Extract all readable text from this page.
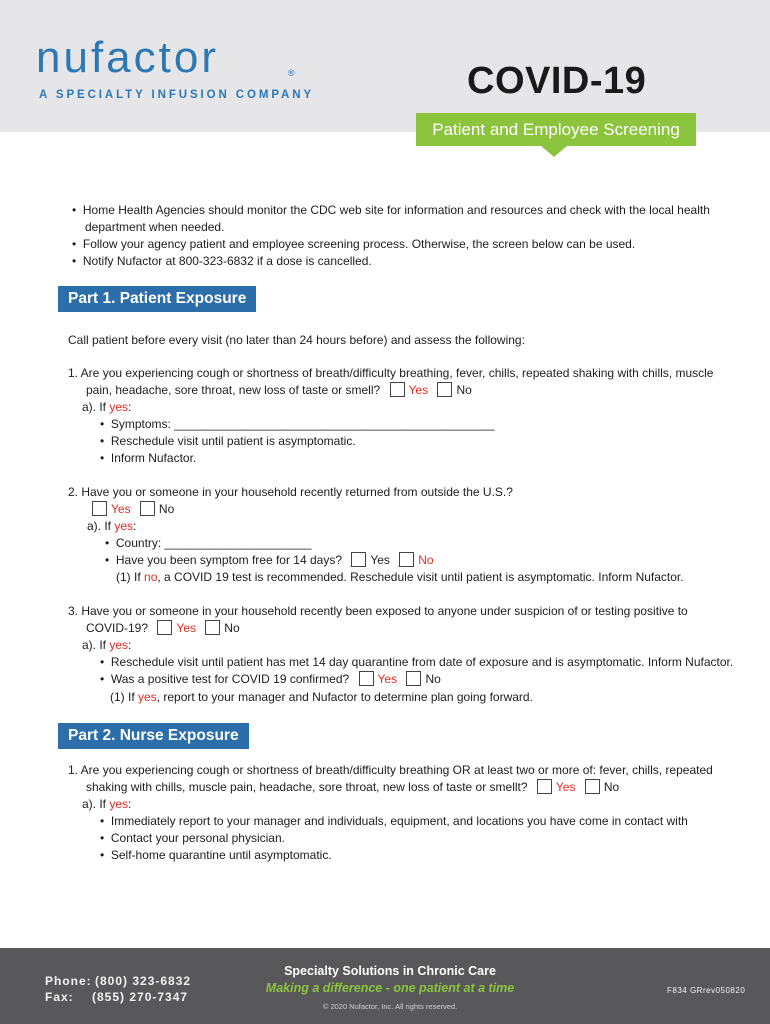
nufactor	®
A SPECIALTY INFUSION COMPANY	COVID-19
Patient and Employee Screening
•  Home Health Agencies should monitor the CDC web site for information and resources and check with the local health
department when needed.
•  Follow your agency patient and employee screening process. Otherwise, the screen below can be used.
•  Notify Nufactor at 800-323-6832 if a dose is cancelled.
Part 1. Patient Exposure
Call patient before every visit (no later than 24 hours before) and assess the following:
1. Are you experiencing cough or shortness of breath/difficulty breathing, fever, chills, repeated shaking with chills, muscle
pain, headache, sore throat, new loss of taste or smell? Yes No
a). If yes:
•  Symptoms: ________________________________________________
•  Reschedule visit until patient is asymptomatic.
•  Inform Nufactor.
2. Have you or someone in your household recently returned from outside the U.S.?
Yes No
a). If yes:
•  Country: ______________________
•  Have you been symptom free for 14 days? Yes No
(1) If no, a COVID 19 test is recommended. Reschedule visit until patient is asymptomatic. Inform Nufactor.
3. Have you or someone in your household recently been exposed to anyone under suspicion of or testing positive to
COVID-19? Yes No
a). If yes:
•  Reschedule visit until patient has met 14 day quarantine from date of exposure and is asymptomatic. Inform Nufactor.
•  Was a positive test for COVID 19 confirmed? Yes No
(1) If yes, report to your manager and Nufactor to determine plan going forward.
Part 2. Nurse Exposure
1. Are you experiencing cough or shortness of breath/difficulty breathing OR at least two or more of: fever, chills, repeated
shaking with chills, muscle pain, headache, sore throat, new loss of taste or smellt? Yes No
a). If yes:
•  Immediately report to your manager and individuals, equipment, and locations you have come in contact with
•  Contact your personal physician.
•  Self-home quarantine until asymptomatic.
Phone: (800) 323-6832
Fax: (855) 270-7347
Specialty Solutions in Chronic Care
Making a difference - one patient at a time
© 2020 Nufactor, Inc. All rights reserved.
F834 GRrev050820
